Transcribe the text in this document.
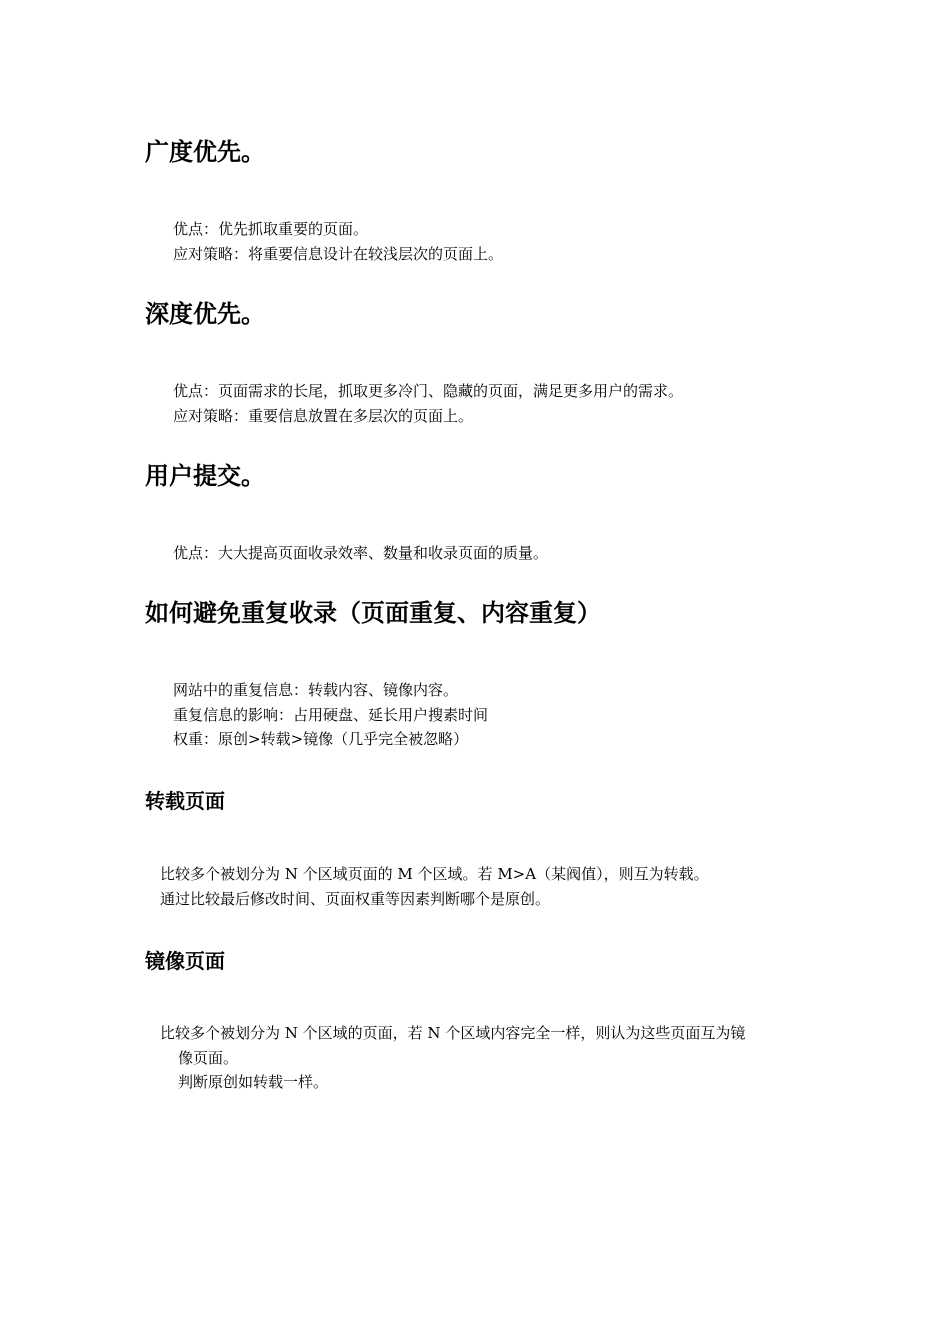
广度优先。
优点：优先抓取重要的页面。
应对策略：将重要信息设计在较浅层次的页面上。
深度优先。
优点：页面需求的长尾，抓取更多冷门、隐藏的页面，满足更多用户的需求。
应对策略：重要信息放置在多层次的页面上。
用户提交。
优点：大大提高页面收录效率、数量和收录页面的质量。
如何避免重复收录（页面重复、内容重复）
网站中的重复信息：转载内容、镜像内容。
重复信息的影响：占用硬盘、延长用户搜素时间
权重：原创>转载>镜像（几乎完全被忽略）
转载页面
比较多个被划分为 N 个区域页面的 M 个区域。若 M>A（某阀值），则互为转载。
通过比较最后修改时间、页面权重等因素判断哪个是原创。
镜像页面
比较多个被划分为 N 个区域的页面，若 N 个区域内容完全一样，则认为这些页面互为镜
像页面。
判断原创如转载一样。
